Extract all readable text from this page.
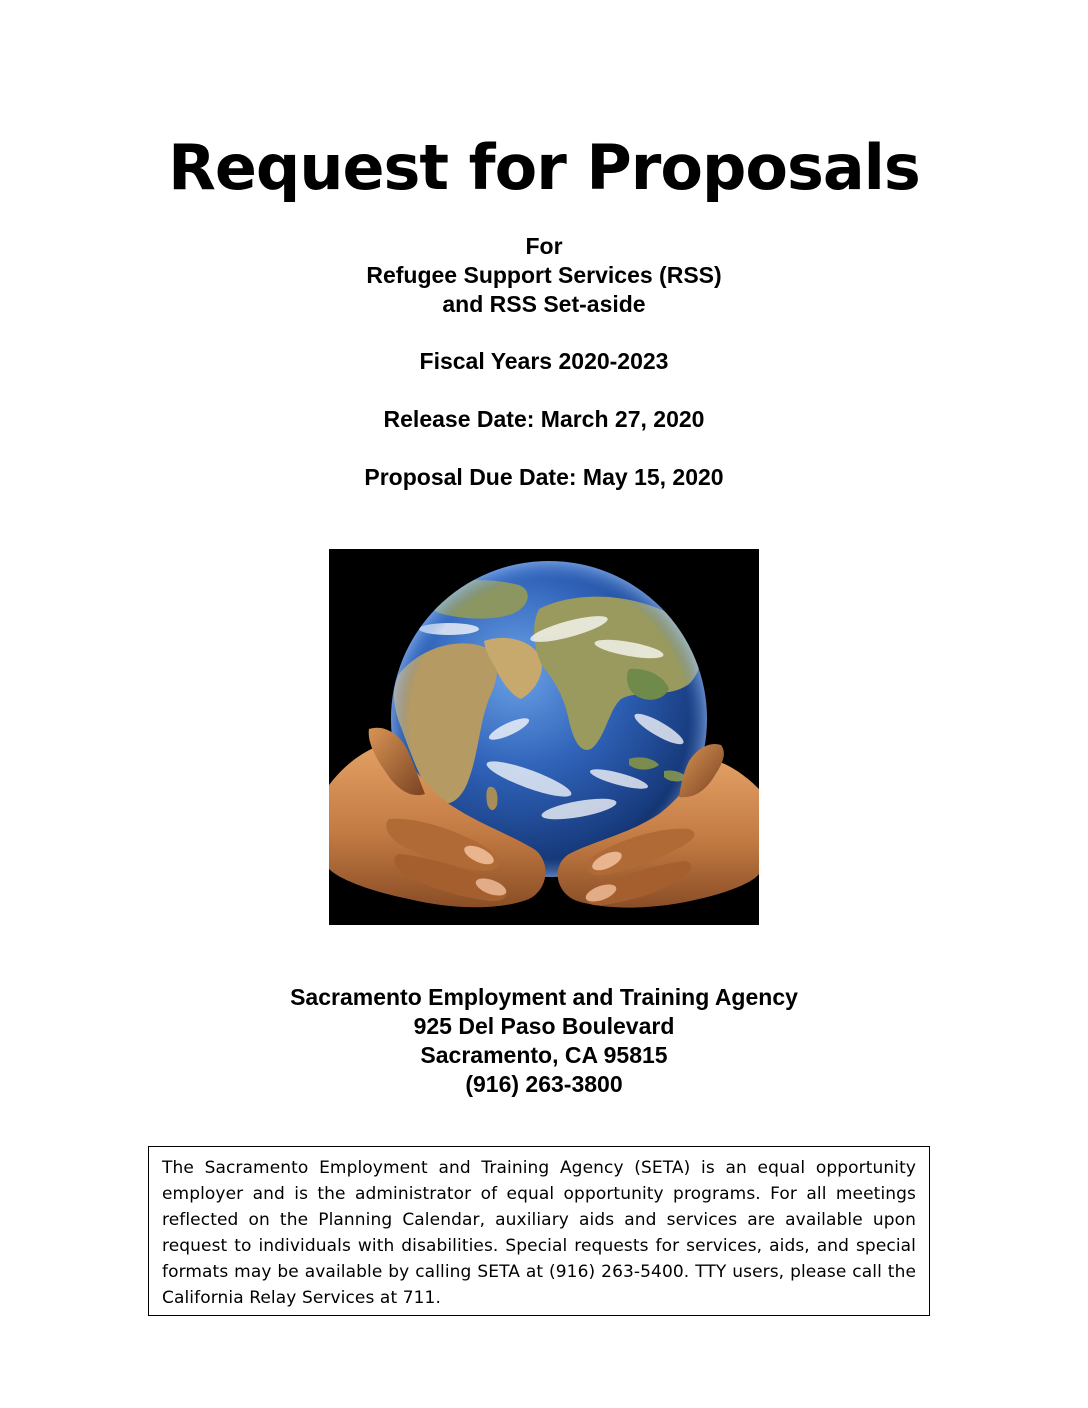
Request for Proposals
For
Refugee Support Services (RSS)
and RSS Set-aside
Fiscal Years 2020-2023
Release Date: March 27, 2020
Proposal Due Date: May 15, 2020
Sacramento Employment and Training Agency
925 Del Paso Boulevard
Sacramento, CA 95815
(916) 263-3800
The Sacramento Employment and Training Agency (SETA) is an equal opportunity employer and is the administrator of equal opportunity programs. For all meetings reflected on the Planning Calendar, auxiliary aids and services are available upon request to individuals with disabilities. Special requests for services, aids, and special formats may be available by calling SETA at (916) 263-5400. TTY users, please call the California Relay Services at 711.
